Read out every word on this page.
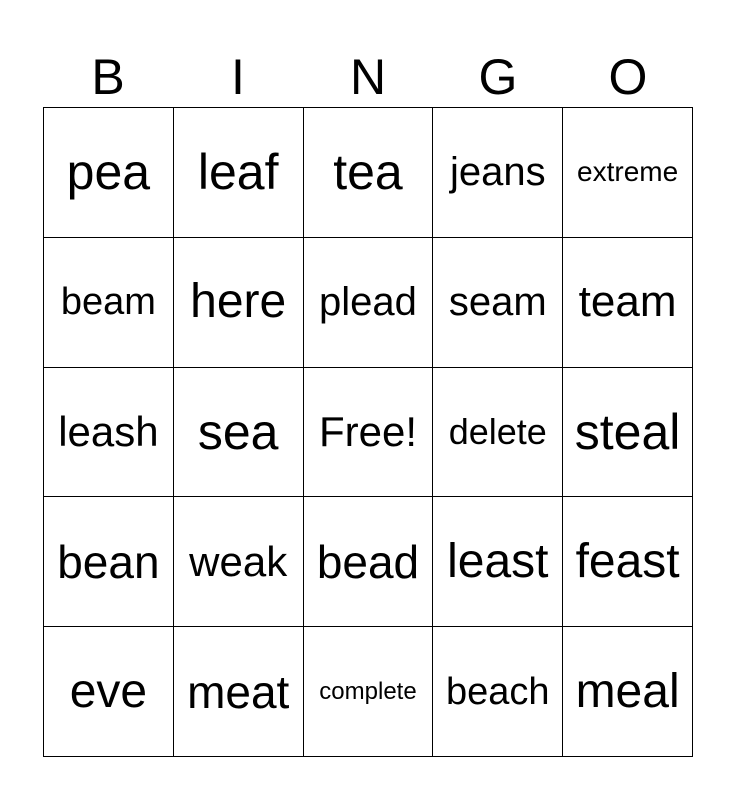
B	I	N	G	O
pea leaf tea jeans extreme
beam here plead seam team
leash sea Free! delete steal
bean weak bead least feast
eve meat complete beach meal
